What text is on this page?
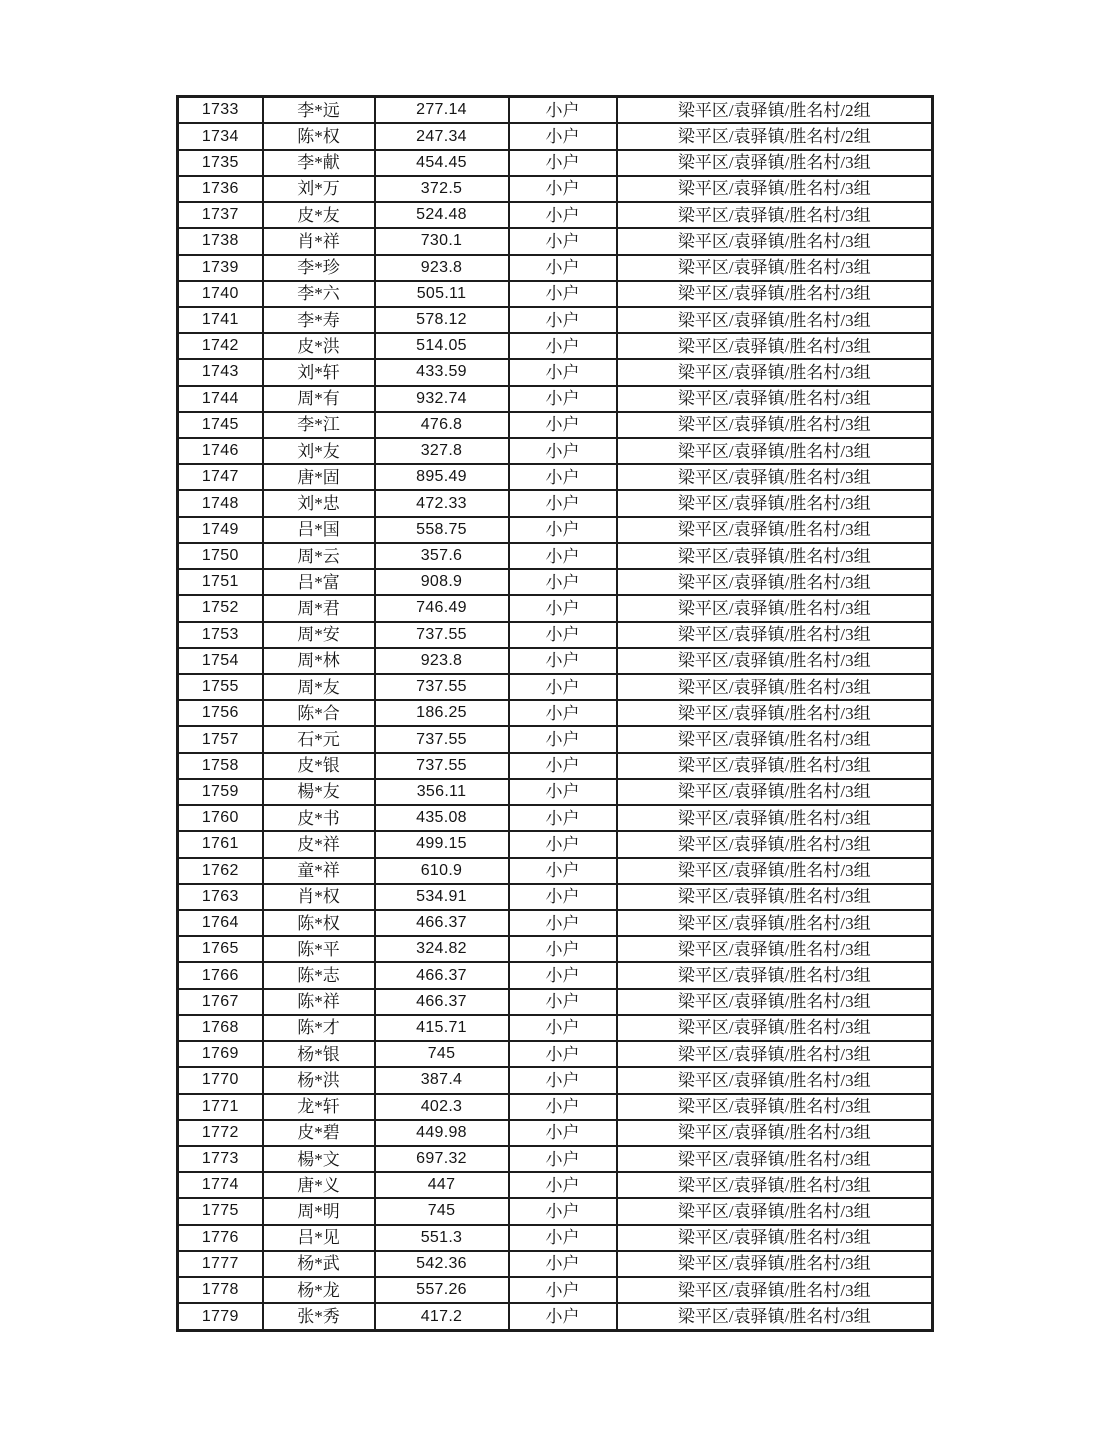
1733	李*远	277.14	小户	梁平区/袁驿镇/胜名村/2组
1734	陈*权	247.34	小户	梁平区/袁驿镇/胜名村/2组
1735	李*献	454.45	小户	梁平区/袁驿镇/胜名村/3组
1736	刘*万	372.5	小户	梁平区/袁驿镇/胜名村/3组
1737	皮*友	524.48	小户	梁平区/袁驿镇/胜名村/3组
1738	肖*祥	730.1	小户	梁平区/袁驿镇/胜名村/3组
1739	李*珍	923.8	小户	梁平区/袁驿镇/胜名村/3组
1740	李*六	505.11	小户	梁平区/袁驿镇/胜名村/3组
1741	李*寿	578.12	小户	梁平区/袁驿镇/胜名村/3组
1742	皮*洪	514.05	小户	梁平区/袁驿镇/胜名村/3组
1743	刘*轩	433.59	小户	梁平区/袁驿镇/胜名村/3组
1744	周*有	932.74	小户	梁平区/袁驿镇/胜名村/3组
1745	李*江	476.8	小户	梁平区/袁驿镇/胜名村/3组
1746	刘*友	327.8	小户	梁平区/袁驿镇/胜名村/3组
1747	唐*固	895.49	小户	梁平区/袁驿镇/胜名村/3组
1748	刘*忠	472.33	小户	梁平区/袁驿镇/胜名村/3组
1749	吕*国	558.75	小户	梁平区/袁驿镇/胜名村/3组
1750	周*云	357.6	小户	梁平区/袁驿镇/胜名村/3组
1751	吕*富	908.9	小户	梁平区/袁驿镇/胜名村/3组
1752	周*君	746.49	小户	梁平区/袁驿镇/胜名村/3组
1753	周*安	737.55	小户	梁平区/袁驿镇/胜名村/3组
1754	周*林	923.8	小户	梁平区/袁驿镇/胜名村/3组
1755	周*友	737.55	小户	梁平区/袁驿镇/胜名村/3组
1756	陈*合	186.25	小户	梁平区/袁驿镇/胜名村/3组
1757	石*元	737.55	小户	梁平区/袁驿镇/胜名村/3组
1758	皮*银	737.55	小户	梁平区/袁驿镇/胜名村/3组
1759	楊*友	356.11	小户	梁平区/袁驿镇/胜名村/3组
1760	皮*书	435.08	小户	梁平区/袁驿镇/胜名村/3组
1761	皮*祥	499.15	小户	梁平区/袁驿镇/胜名村/3组
1762	童*祥	610.9	小户	梁平区/袁驿镇/胜名村/3组
1763	肖*权	534.91	小户	梁平区/袁驿镇/胜名村/3组
1764	陈*权	466.37	小户	梁平区/袁驿镇/胜名村/3组
1765	陈*平	324.82	小户	梁平区/袁驿镇/胜名村/3组
1766	陈*志	466.37	小户	梁平区/袁驿镇/胜名村/3组
1767	陈*祥	466.37	小户	梁平区/袁驿镇/胜名村/3组
1768	陈*才	415.71	小户	梁平区/袁驿镇/胜名村/3组
1769	杨*银	745	小户	梁平区/袁驿镇/胜名村/3组
1770	杨*洪	387.4	小户	梁平区/袁驿镇/胜名村/3组
1771	龙*轩	402.3	小户	梁平区/袁驿镇/胜名村/3组
1772	皮*碧	449.98	小户	梁平区/袁驿镇/胜名村/3组
1773	楊*文	697.32	小户	梁平区/袁驿镇/胜名村/3组
1774	唐*义	447	小户	梁平区/袁驿镇/胜名村/3组
1775	周*明	745	小户	梁平区/袁驿镇/胜名村/3组
1776	吕*见	551.3	小户	梁平区/袁驿镇/胜名村/3组
1777	杨*武	542.36	小户	梁平区/袁驿镇/胜名村/3组
1778	杨*龙	557.26	小户	梁平区/袁驿镇/胜名村/3组
1779	张*秀	417.2	小户	梁平区/袁驿镇/胜名村/3组
